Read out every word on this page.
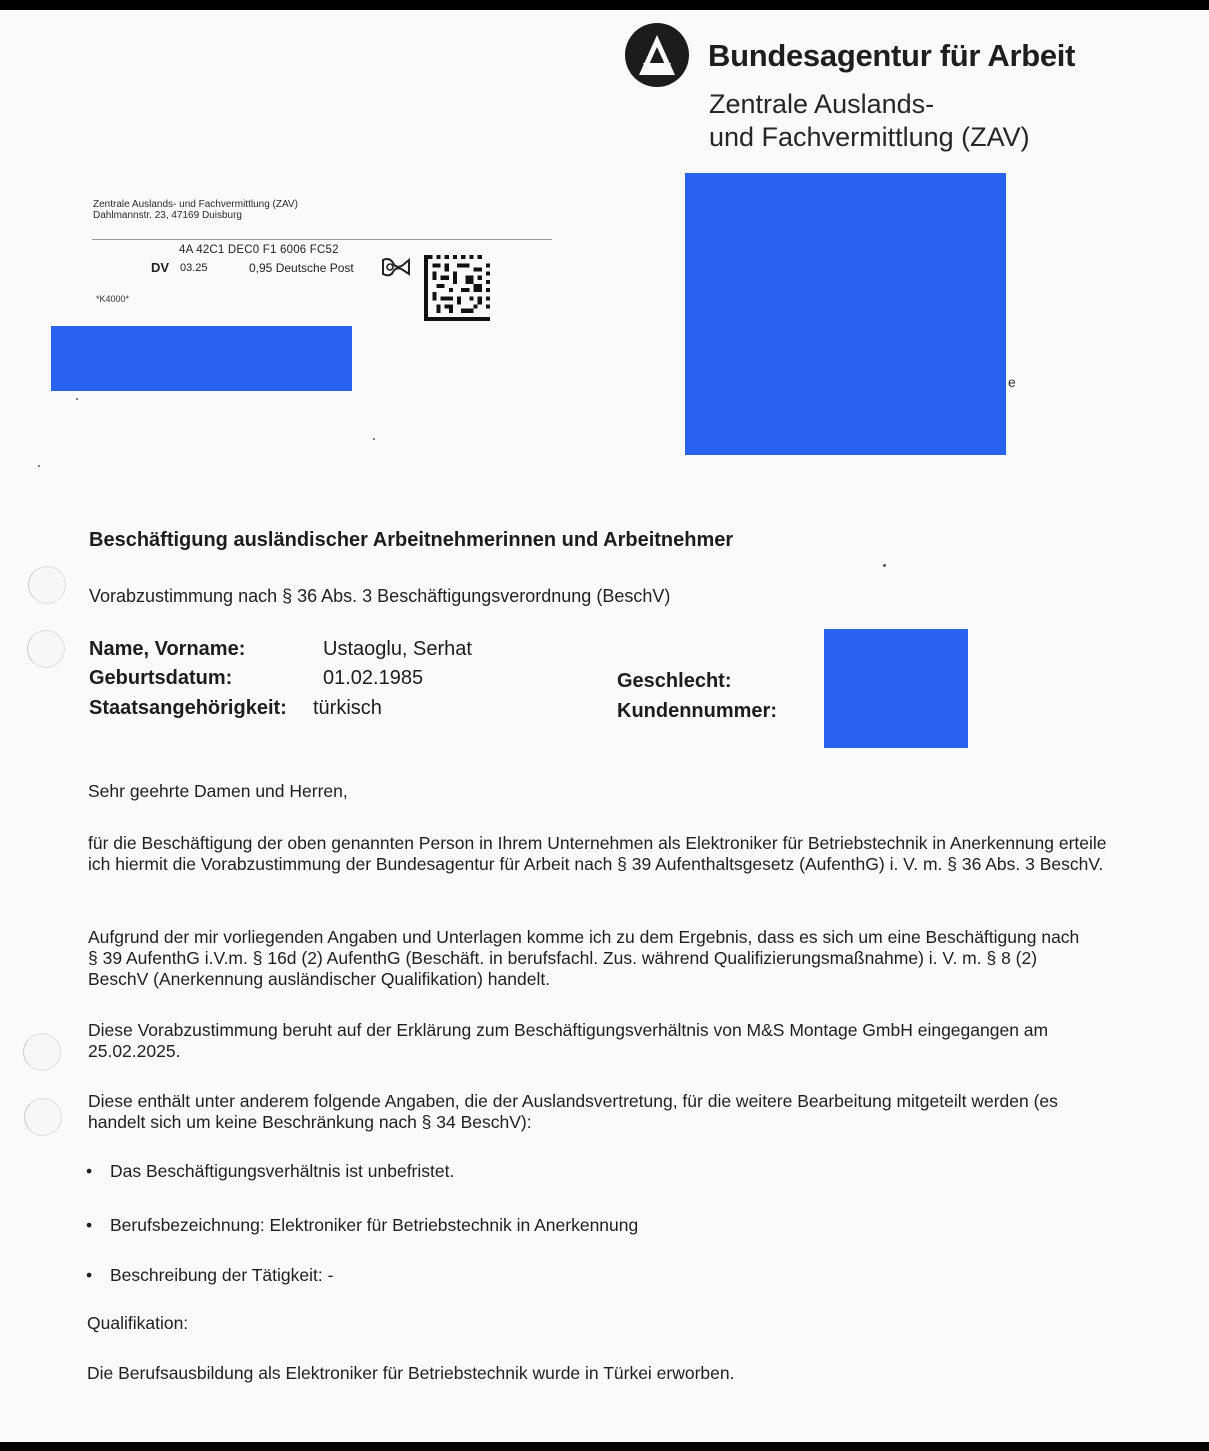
Bundesagentur für Arbeit
Zentrale Auslands-
und Fachvermittlung (ZAV)
Zentrale Auslands- und Fachvermittlung (ZAV)
Dahlmannstr. 23, 47169 Duisburg
4A 42C1 DEC0 F1 6006 FC52
DV 03.25	0,95 Deutsche Post
*K4000*
e
Beschäftigung ausländischer Arbeitnehmerinnen und Arbeitnehmer
Vorabzustimmung nach § 36 Abs. 3 Beschäftigungsverordnung (BeschV)
Name, Vorname:	Ustaoglu, Serhat
Geburtsdatum:	01.02.1985
Staatsangehörigkeit: türkisch
Geschlecht:
Kundennummer:
Sehr geehrte Damen und Herren,
für die Beschäftigung der oben genannten Person in Ihrem Unternehmen als Elektroniker für Betriebstechnik in Anerkennung erteile ich hiermit die Vorabzustimmung der Bundesagentur für Arbeit nach § 39 Aufenthaltsgesetz (AufenthG) i. V. m. § 36 Abs. 3 BeschV.
Aufgrund der mir vorliegenden Angaben und Unterlagen komme ich zu dem Ergebnis, dass es sich um eine Beschäftigung nach § 39 AufenthG i.V.m. § 16d (2) AufenthG (Beschäft. in berufsfachl. Zus. während Qualifizierungsmaßnahme) i. V. m. § 8 (2) BeschV (Anerkennung ausländischer Qualifikation) handelt.
Diese Vorabzustimmung beruht auf der Erklärung zum Beschäftigungsverhältnis von M&S Montage GmbH eingegangen am 25.02.2025.
Diese enthält unter anderem folgende Angaben, die der Auslandsvertretung, für die weitere Bearbeitung mitgeteilt werden (es handelt sich um keine Beschränkung nach § 34 BeschV):
• Das Beschäftigungsverhältnis ist unbefristet.
• Berufsbezeichnung: Elektroniker für Betriebstechnik in Anerkennung
• Beschreibung der Tätigkeit: -
Qualifikation:
Die Berufsausbildung als Elektroniker für Betriebstechnik wurde in Türkei erworben.
